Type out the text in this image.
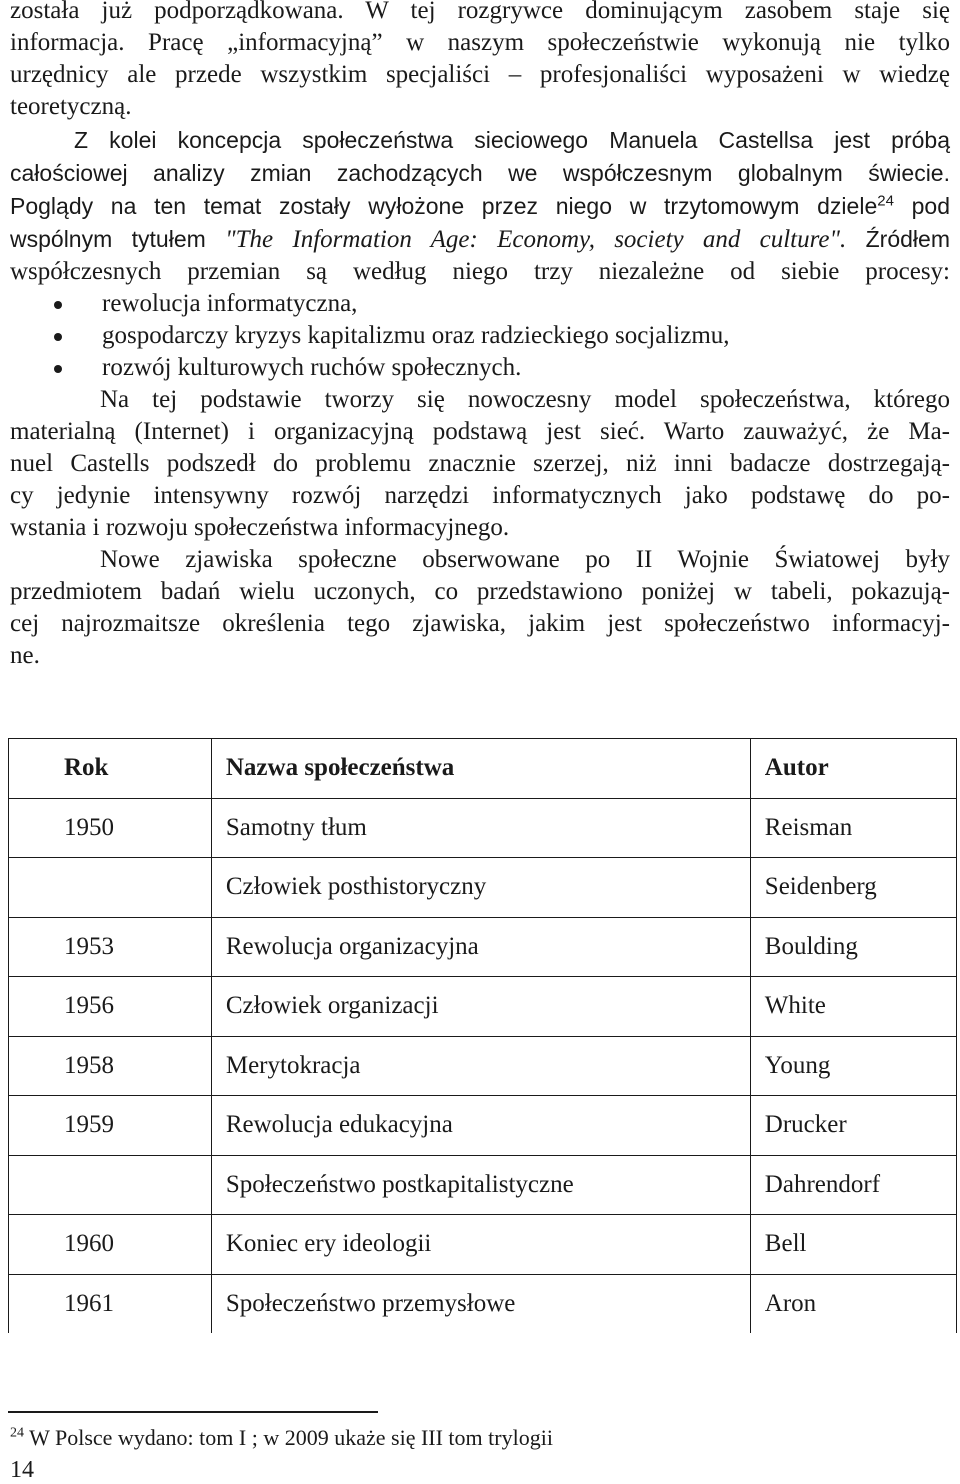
została już podporządkowana. W tej rozgrywce dominującym zasobem staje się
informacja. Pracę „informacyjną” w naszym społeczeństwie wykonują nie tylko
urzędnicy ale przede wszystkim specjaliści – profesjonaliści wyposażeni w wiedzę
teoretyczną.
Z kolei koncepcja społeczeństwa sieciowego Manuela Castellsa jest próbą
całościowej analizy zmian zachodzących we współczesnym globalnym świecie.
Poglądy na ten temat zostały wyłożone przez niego w trzytomowym dziele$^{24}$ pod
wspólnym tytułem "The Information Age: Economy, society and culture". Źródłem
współczesnych przemian są według niego trzy niezależne od siebie procesy:
rewolucja informatyczna,
gospodarczy kryzys kapitalizmu oraz radzieckiego socjalizmu,
rozwój kulturowych ruchów społecznych.
Na tej podstawie tworzy się nowoczesny model społeczeństwa, którego
materialną (Internet) i organizacyjną podstawą jest sieć. Warto zauważyć, że Ma-
nuel Castells podszedł do problemu znacznie szerzej, niż inni badacze dostrzegają-
cy jedynie intensywny rozwój narzędzi informatycznych jako podstawę do po-
wstania i rozwoju społeczeństwa informacyjnego.
Nowe zjawiska społeczne obserwowane po II Wojnie Światowej były
przedmiotem badań wielu uczonych, co przedstawiono poniżej w tabeli, pokazują-
cej najrozmaitsze określenia tego zjawiska, jakim jest społeczeństwo informacyj-
ne.
Rok	Nazwa społeczeństwa	Autor
1950	Samotny tłum	Reisman
	Człowiek posthistoryczny	Seidenberg
1953	Rewolucja organizacyjna	Boulding
1956	Człowiek organizacji	White
1958	Merytokracja	Young
1959	Rewolucja edukacyjna	Drucker
	Społeczeństwo postkapitalistyczne	Dahrendorf
1960	Koniec ery ideologii	Bell
1961	Społeczeństwo przemysłowe	Aron
$^{24}$ W Polsce wydano: tom I ; w 2009 ukaże się III tom trylogii
14
